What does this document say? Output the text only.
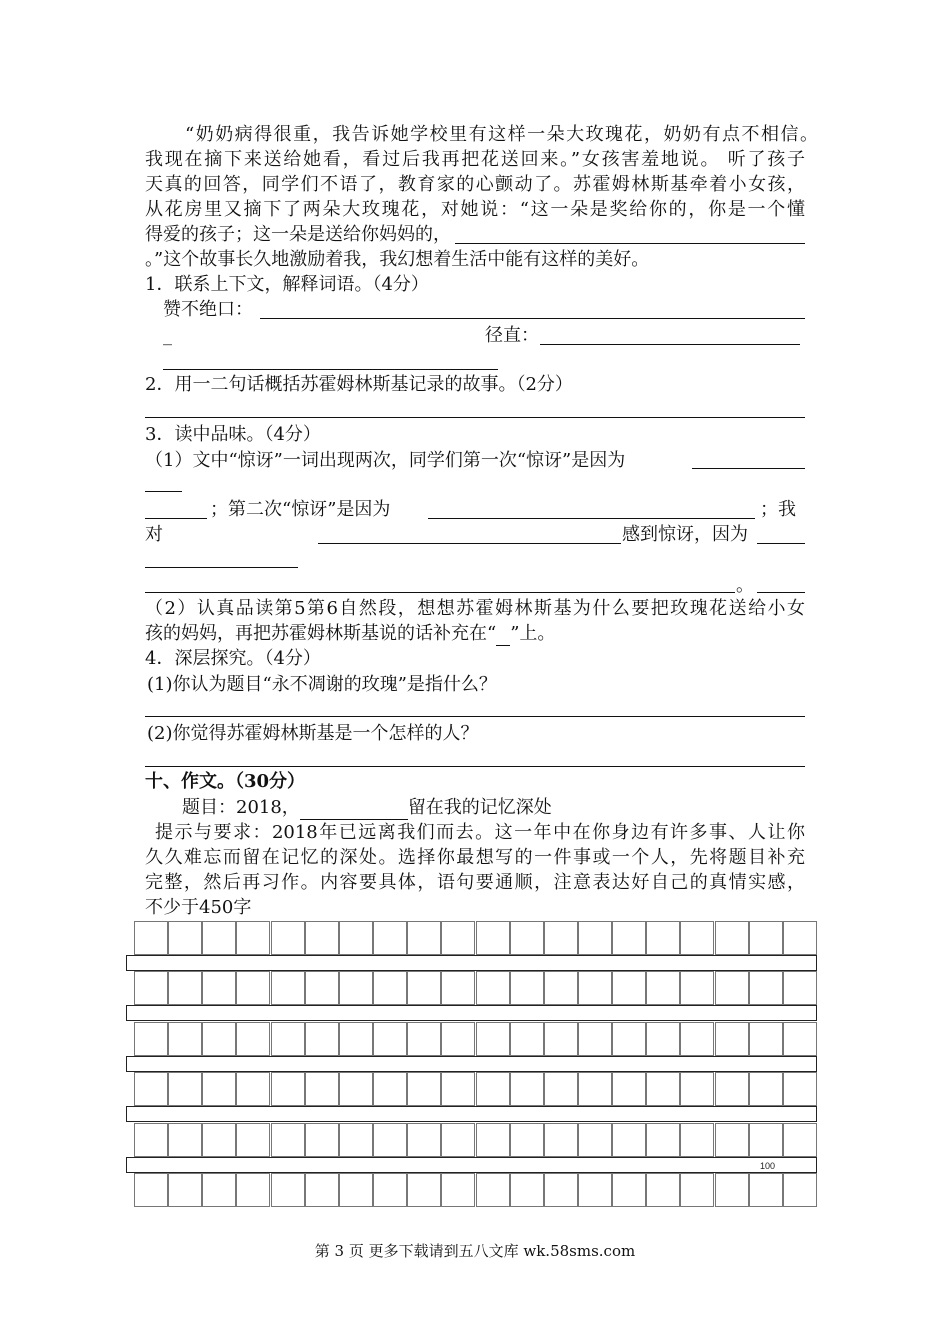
“奶奶病得很重，我告诉她学校里有这样一朵大玫瑰花，奶奶有点不相信。
我现在摘下来送给她看，看过后我再把花送回来。”女孩害羞地说。 听了孩子
天真的回答，同学们不语了，教育家的心颤动了。苏霍姆林斯基牵着小女孩，
从花房里又摘下了两朵大玫瑰花，对她说：“这一朵是奖给你的，你是一个懂
得爱的孩子；这一朵是送给你妈妈的，
。”这个故事长久地激励着我，我幻想着生活中能有这样的美好。
1．联系上下文，解释词语。（4分）
赞不绝口：
_	径直：
2．用一二句话概括苏霍姆林斯基记录的故事。（2分）
3．读中品味。（4分）
（1）文中“惊讶”一词出现两次，同学们第一次“惊讶”是因为
；第二次“惊讶”是因为	；我
对	感到惊讶，因为
。
（2）认真品读第5第6自然段，想想苏霍姆林斯基为什么要把玫瑰花送给小女
孩的妈妈，再把苏霍姆林斯基说的话补充在“ ”上。
4．深层探究。（4分）
(1)你认为题目“永不凋谢的玫瑰”是指什么？
(2)你觉得苏霍姆林斯基是一个怎样的人？
十、作文。（30分）
题目：2018，	留在我的记忆深处
提示与要求：2018年已远离我们而去。这一年中在你身边有许多事、人让你
久久难忘而留在记忆的深处。选择你最想写的一件事或一个人，先将题目补充
完整，然后再习作。内容要具体，语句要通顺，注意表达好自己的真情实感，
不少于450字
100
第 3 页 更多下载请到五八文库 wk.58sms.com
